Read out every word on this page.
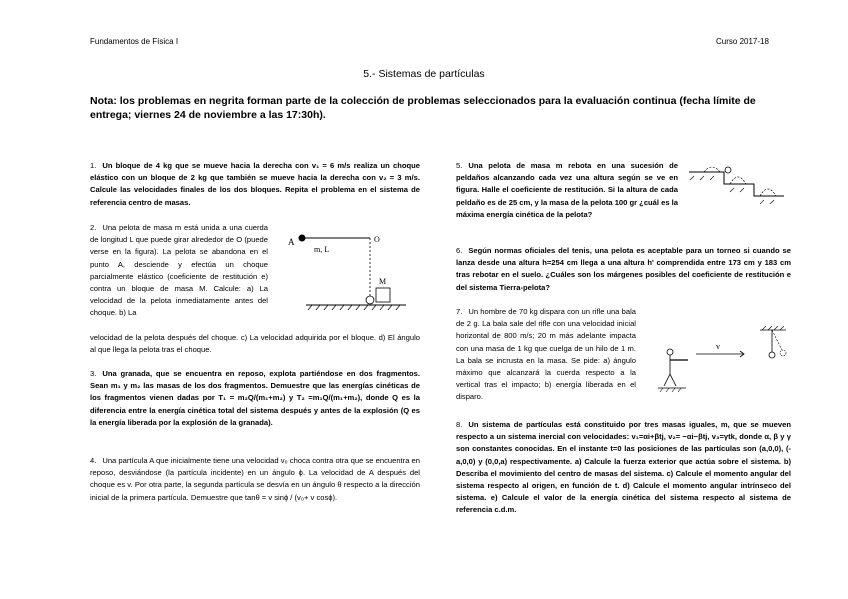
Fundamentos de Física I	Curso 2017-18
5.- Sistemas de partículas
Nota: los problemas en negrita forman parte de la colección de problemas seleccionados para la evaluación continua (fecha límite de entrega; viernes 24 de noviembre a las 17:30h).
1. Un bloque de 4 kg que se mueve hacia la derecha con v₁ = 6 m/s realiza un choque elástico con un bloque de 2 kg que también se mueve hacia la derecha con v₂ = 3 m/s. Calcule las velocidades finales de los dos bloques. Repita el problema en el sistema de referencia centro de masas.
2. Una pelota de masa m está unida a una cuerda de longitud L que puede girar alrededor de O (puede verse en la figura). La pelota se abandona en el punto A, desciende y efectúa un choque parcialmente elástico (coeficiente de restitución e) contra un bloque de masa M. Calcule: a) La velocidad de la pelota inmediatamente antes del choque. b) La
velocidad de la pelota después del choque. c) La velocidad adquirida por el bloque. d) El ángulo al que llega la pelota tras el choque.
A
m, L
O
M
3. Una granada, que se encuentra en reposo, explota partiéndose en dos fragmentos. Sean m₁ y m₂ las masas de los dos fragmentos. Demuestre que las energías cinéticas de los fragmentos vienen dadas por T₁ = m₂Q/(m₁+m₂) y T₂ =m₁Q/(m₁+m₂), donde Q es la diferencia entre la energía cinética total del sistema después y antes de la explosión (Q es la energía liberada por la explosión de la granada).
4. Una partícula A que inicialmente tiene una velocidad v₀ choca contra otra que se encuentra en reposo, desviándose (la partícula incidente) en un ángulo ϕ. La velocidad de A después del choque es v. Por otra parte, la segunda partícula se desvía en un ángulo θ respecto a la dirección inicial de la primera partícula. Demuestre que tanθ = v sinϕ / (v₀+ v cosϕ).
5. Una pelota de masa m rebota en una sucesión de peldaños alcanzando cada vez una altura según se ve en figura. Halle el coeficiente de restitución. Si la altura de cada peldaño es de 25 cm, y la masa de la pelota 100 gr ¿cuál es la máxima energía cinética de la pelota?
6. Según normas oficiales del tenis, una pelota es aceptable para un torneo si cuando se lanza desde una altura h=254 cm llega a una altura h' comprendida entre 173 cm y 183 cm tras rebotar en el suelo. ¿Cuáles son los márgenes posibles del coeficiente de restitución e del sistema Tierra-pelota?
7. Un hombre de 70 kg dispara con un rifle una bala de 2 g. La bala sale del rifle con una velocidad inicial horizontal de 800 m/s; 20 m más adelante impacta con una masa de 1 kg que cuelga de un hilo de 1 m. La bala se incrusta en la masa. Se pide: a) ángulo máximo que alcanzará la cuerda respecto a la vertical tras el impacto; b) energía liberada en el disparo.
v
8. Un sistema de partículas está constituido por tres masas iguales, m, que se mueven respecto a un sistema inercial con velocidades: v₁=αi+βtj, v₂= −αi−βtj, v₃=γtk, donde α, β y γ son constantes conocidas. En el instante t=0 las posiciones de las partículas son (a,0,0), (-a,0,0) y (0,0,a) respectivamente. a) Calcule la fuerza exterior que actúa sobre el sistema. b) Describa el movimiento del centro de masas del sistema. c) Calcule el momento angular del sistema respecto al origen, en función de t. d) Calcule el momento angular intrínseco del sistema. e) Calcule el valor de la energía cinética del sistema respecto al sistema de referencia c.d.m.
